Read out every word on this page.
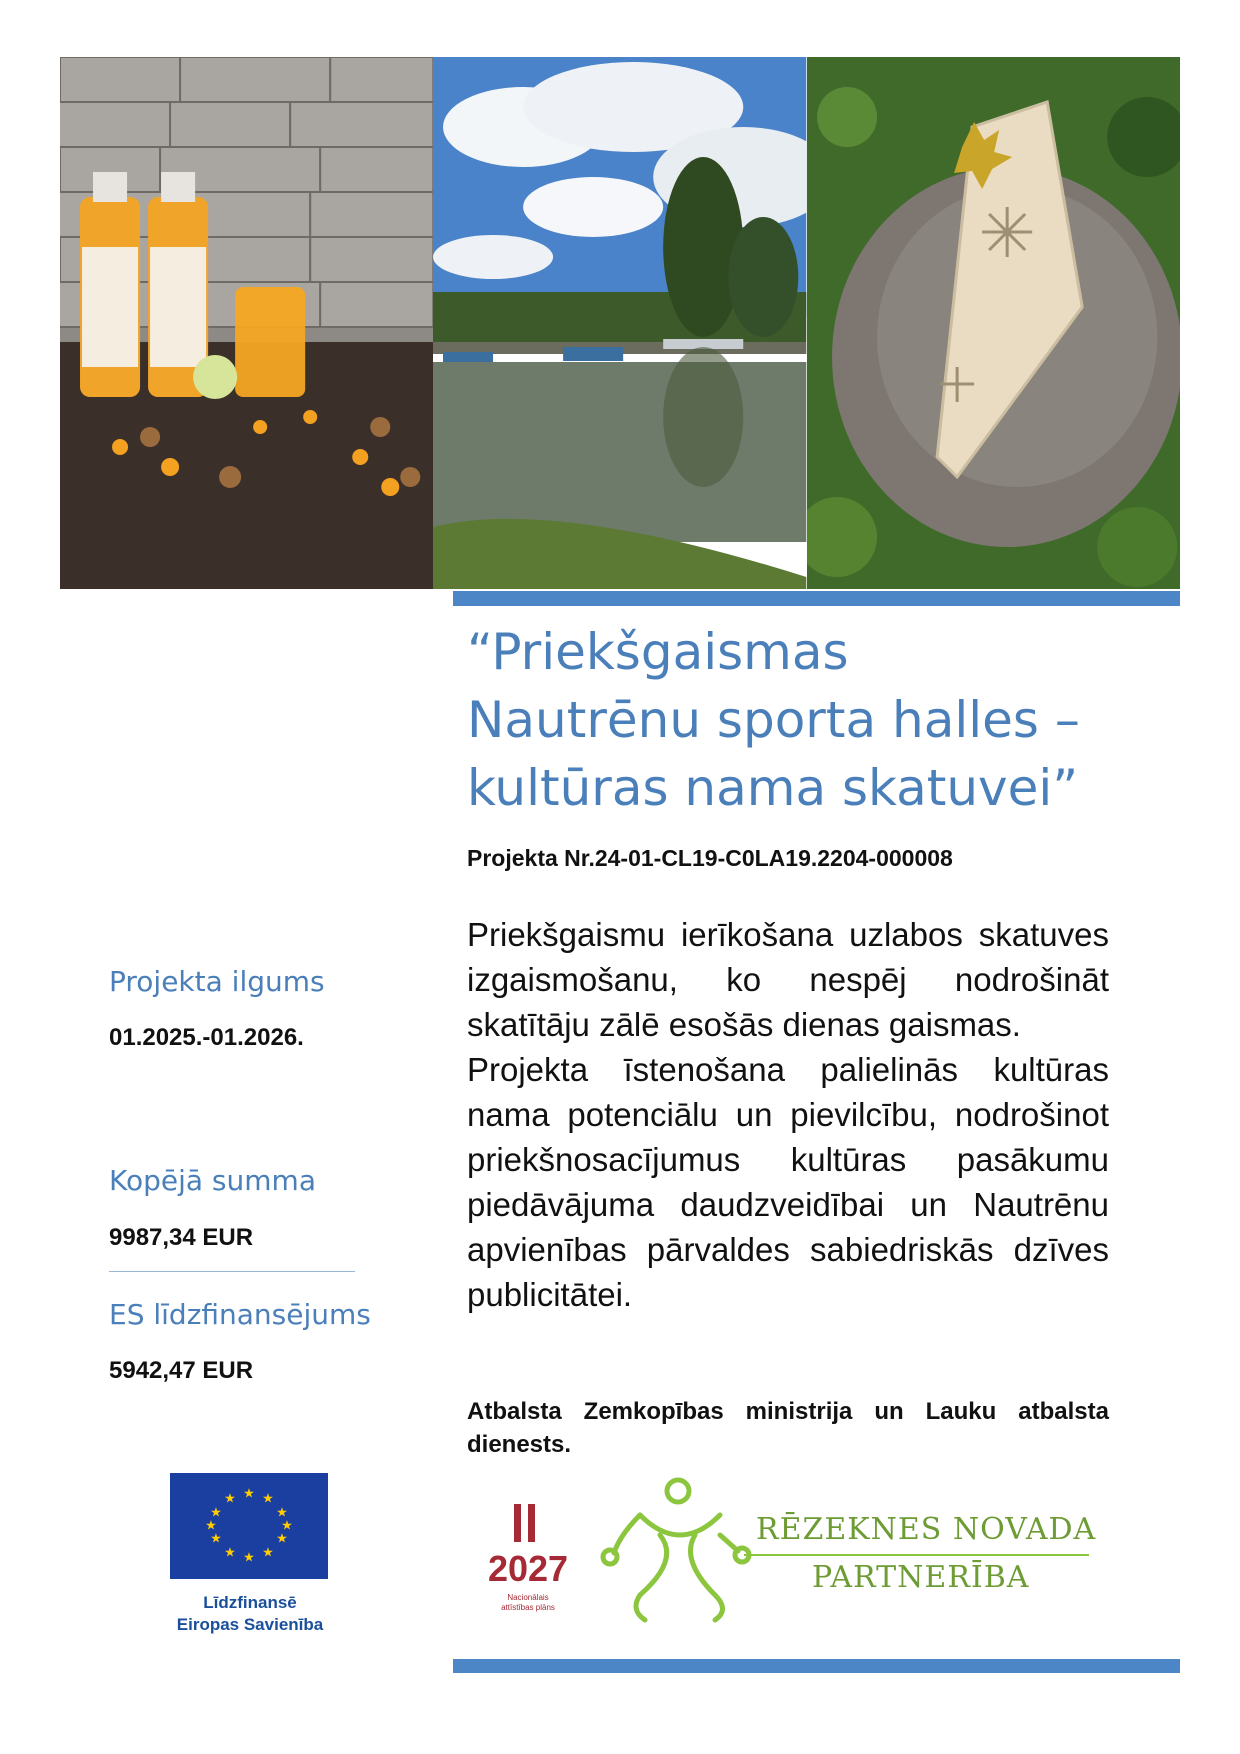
“Priekšgaismas
Nautrēnu sporta halles –
kultūras nama skatuvei”
Projekta Nr.24-01-CL19-C0LA19.2204-000008

Priekšgaismu ierīkošana uzlabos skatuves izgaismošanu, ko nespēj nodrošināt skatītāju zālē esošās dienas gaismas.

Projekta īstenošana palielinās kultūras nama potenciālu un pievilcību, nodrošinot priekšnosacījumus kultūras pasākumu piedāvājuma daudzveidībai un Nautrēnu apvienības pārvaldes sabiedriskās dzīves publicitātei.

Atbalsta Zemkopības ministrija un Lauku atbalsta dienests.
Projekta ilgums
01.2025.-01.2026.
Kopējā summa
9987,34 EUR
ES līdzfinansējums
5942,47 EUR
★ ★
★
★
★
★
★
★
★
★
★
★
Līdzfinansē
Eiropas Savienība
2027
Nacionālais
attīstības plāns
RĒZEKNES NOVADA
PARTNERĪBA
